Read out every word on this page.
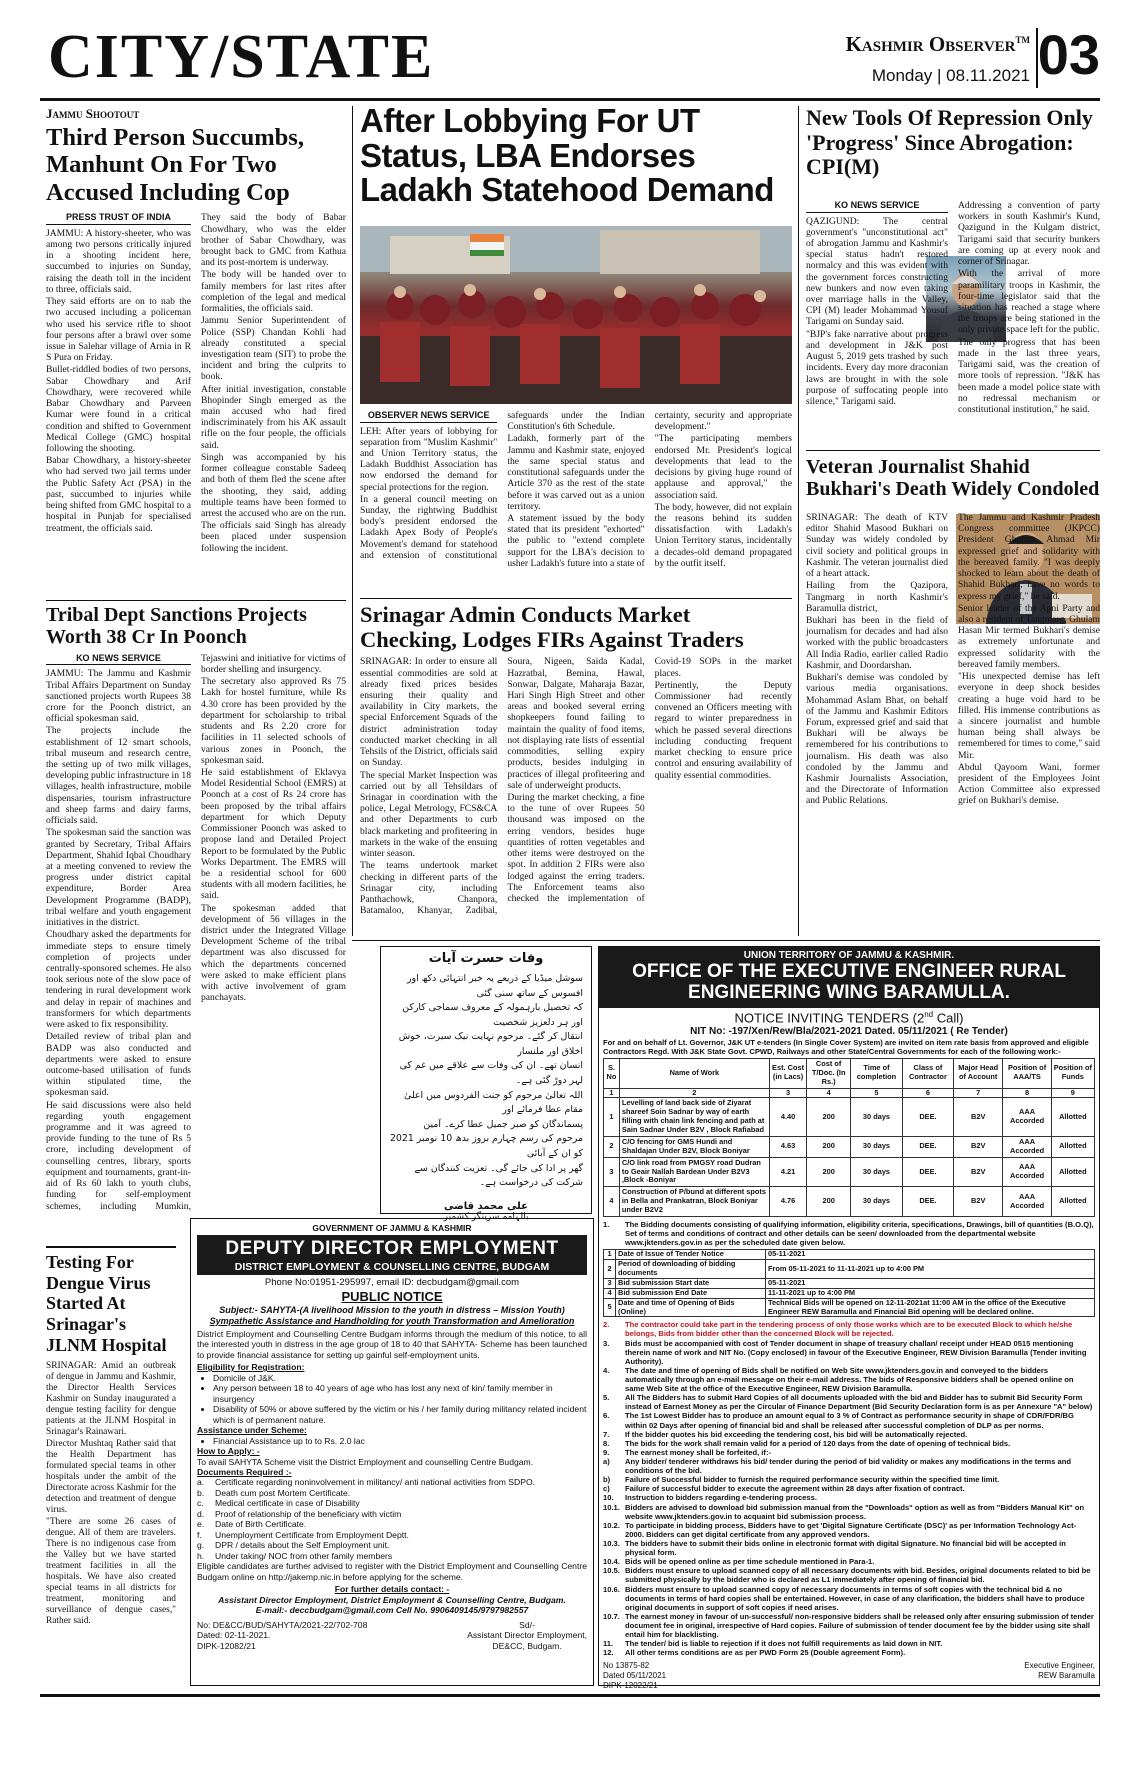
CITY/STATE	Kashmir Observer™
Monday | 08.11.2021 03
Jammu Shootout
Third Person Succumbs, Manhunt On For Two Accused Including Cop
PRESS TRUST OF INDIA

JAMMU: A history-sheeter, who was among two persons critically injured in a shooting incident here, succumbed to injuries on Sunday, raising the death toll in the incident to three, officials said.

They said efforts are on to nab the two accused including a policeman who used his service rifle to shoot four persons after a brawl over some issue in Salehar village of Arnia in R S Pura on Friday.

Bullet-riddled bodies of two persons, Sabar Chowdhary and Arif Chowdhary, were recovered while Babar Chowdhary and Parveen Kumar were found in a critical condition and shifted to Government Medical College (GMC) hospital following the shooting.

Babar Chowdhary, a history-sheeter who had served two jail terms under the Public Safety Act (PSA) in the past, succumbed to injuries while being shifted from GMC hospital to a hospital in Punjab for specialised treatment, the officials said.

They said the body of Babar Chowdhary, who was the elder brother of Sabar Chowdhary, was brought back to GMC from Kathua and its post-mortem is underway.

The body will be handed over to family members for last rites after completion of the legal and medical formalities, the officials said.

Jammu Senior Superintendent of Police (SSP) Chandan Kohli had already constituted a special investigation team (SIT) to probe the incident and bring the culprits to book.

After initial investigation, constable Bhopinder Singh emerged as the main accused who had fired indiscriminately from his AK assault rifle on the four people, the officials said.

Singh was accompanied by his former colleague constable Sadeeq and both of them fled the scene after the shooting, they said, adding multiple teams have been formed to arrest the accused who are on the run.

The officials said Singh has already been placed under suspension following the incident.

After Lobbying For UT Status, LBA Endorses Ladakh Statehood Demand
OBSERVER NEWS SERVICE

LEH: After years of lobbying for separation from "Muslim Kashmir" and Union Territory status, the Ladakh Buddhist Association has now endorsed the demand for special protections for the region.

In a general council meeting on Sunday, the rightwing Buddhist body's president endorsed the Ladakh Apex Body of People's Movement's demand for statehood and extension of constitutional safeguards under the Indian Constitution's 6th Schedule.

Ladakh, formerly part of the Jammu and Kashmir state, enjoyed the same special status and constitutional safeguards under the Article 370 as the rest of the state before it was carved out as a union territory.

A statement issued by the body stated that its president "exhorted" the public to "extend complete support for the LBA's decision to usher Ladakh's future into a state of certainty, security and appropriate development."

"The participating members endorsed Mr. President's logical developments that lead to the decisions by giving huge round of applause and approval," the association said.

The body, however, did not explain the reasons behind its sudden dissatisfaction with Ladakh's Union Territory status, incidentally a decades-old demand propagated by the outfit itself.

New Tools Of Repression Only 'Progress' Since Abrogation: CPI(M)
KO NEWS SERVICE

QAZIGUND: The central government's "unconstitutional act" of abrogation Jammu and Kashmir's special status hadn't restored normalcy and this was evident with the government forces constructing new bunkers and now even taking over marriage halls in the Valley, CPI (M) leader Mohammad Yousuf Tarigami on Sunday said.

"BJP's fake narrative about progress and development in J&K post August 5, 2019 gets trashed by such incidents. Every day more draconian laws are brought in with the sole purpose of suffocating people into silence," Tarigami said.

Addressing a convention of party workers in south Kashmir's Kund, Qazigund in the Kulgam district, Tarigami said that security bunkers are coming up at every nook and corner of Srinagar.

With the arrival of more paramilitary troops in Kashmir, the four-time legislator said that the situation has reached a stage where the troops are being stationed in the only private space left for the public.

The only progress that has been made in the last three years, Tarigami said, was the creation of more tools of repression. "J&K has been made a model police state with no redressal mechanism or constitutional institution," he said.

Veteran Journalist Shahid Bukhari's Death Widely Condoled

SRINAGAR: The death of KTV editor Shahid Masood Bukhari on Sunday was widely condoled by civil society and political groups in Kashmir. The veteran journalist died of a heart attack.

Hailing from the Qazipora, Tangmarg in north Kashmir's Baramulla district,

Bukhari has been in the field of journalism for decades and had also worked with the public broadcasters All India Radio, earlier called Radio Kashmir, and Doordarshan.

Bukhari's demise was condoled by various media organisations. Mohammad Aslam Bhat, on behalf of the Jammu and Kashmir Editors Forum, expressed grief and said that Bukhari will be always be remembered for his contributions to journalism. His death was also condoled by the Jammu and Kashmir Journalists Association, and the Directorate of Information and Public Relations.

The Jammu and Kashmir Pradesh Congress committee (JKPCC) President Ghulam Ahmad Mir expressed grief and solidarity with the bereaved family. "I was deeply shocked to learn about the death of Shahid Bukhari, have no words to express my grief," he said.

Senior leader of the Apni Party and also a resident of Tangmarg, Ghulam Hasan Mir termed Bukhari's demise as extremely unfortunate and expressed solidarity with the bereaved family members.

"His unexpected demise has left everyone in deep shock besides creating a huge void hard to be filled. His immense contributions as a sincere journalist and humble human being shall always be remembered for times to come," said Mir.

Abdul Qayoom Wani, former president of the Employees Joint Action Committee also expressed grief on Bukhari's demise.

Tribal Dept Sanctions Projects Worth 38 Cr In Poonch
KO NEWS SERVICE

JAMMU: The Jammu and Kashmir Tribal Affairs Department on Sunday sanctioned projects worth Rupees 38 crore for the Poonch district, an official spokesman said.

The projects include the establishment of 12 smart schools, tribal museum and research centre, the setting up of two milk villages, developing public infrastructure in 18 villages, health infrastructure, mobile dispensaries, tourism infrastructure and sheep farms and dairy farms, officials said.

The spokesman said the sanction was granted by Secretary, Tribal Affairs Department, Shahid Iqbal Choudhary at a meeting convened to review the progress under district capital expenditure, Border Area Development Programme (BADP), tribal welfare and youth engagement initiatives in the district.

Choudhary asked the departments for immediate steps to ensure timely completion of projects under centrally-sponsored schemes. He also took serious note of the slow pace of tendering in rural development work and delay in repair of machines and transformers for which departments were asked to fix responsibility.

Detailed review of tribal plan and BADP was also conducted and departments were asked to ensure outcome-based utilisation of funds within stipulated time, the spokesman said.

He said discussions were also held regarding youth engagement programme and it was agreed to provide funding to the tune of Rs 5 crore, including development of counselling centres, library, sports equipment and tournaments, grant-in-aid of Rs 60 lakh to youth clubs, funding for self-employment schemes, including Mumkin, Tejaswini and initiative for victims of border shelling and insurgency.

The secretary also approved Rs 75 Lakh for hostel furniture, while Rs 4.30 crore has been provided by the department for scholarship to tribal students and Rs 2.20 crore for facilities in 11 selected schools of various zones in Poonch, the spokesman said.

He said establishment of Eklavya Model Residential School (EMRS) at Poonch at a cost of Rs 24 crore has been proposed by the tribal affairs department for which Deputy Commissioner Poonch was asked to propose land and Detailed Project Report to be formulated by the Public Works Department. The EMRS will be a residential school for 600 students with all modern facilities, he said.

The spokesman added that development of 56 villages in the district under the Integrated Village Development Scheme of the tribal department was also discussed for which the departments concerned were asked to make efficient plans with active involvement of gram panchayats.

Srinagar Admin Conducts Market Checking, Lodges FIRs Against Traders

SRINAGAR: In order to ensure all essential commodities are sold at already fixed prices besides ensuring their quality and availability in City markets, the special Enforcement Squads of the district administration today conducted market checking in all Tehsils of the District, officials said on Sunday.

The special Market Inspection was carried out by all Tehsildars of Srinagar in coordination with the police, Legal Metrology, FCS&CA and other Departments to curb black marketing and profiteering in markets in the wake of the ensuing winter season.

The teams undertook market checking in different parts of the Srinagar city, including Panthachowk, Chanpora, Batamaloo, Khanyar, Zadibal, Soura, Nigeen, Saida Kadal, Hazratbal, Bemina, Hawal, Sonwar, Dalgate, Maharaja Bazar, Hari Singh High Street and other areas and booked several erring shopkeepers found failing to maintain the quality of food items, not displaying rate lists of essential commodities, selling expiry products, besides indulging in practices of illegal profiteering and sale of underweight products.

During the market checking, a fine to the tune of over Rupees 50 thousand was imposed on the erring vendors, besides huge quantities of rotten vegetables and other items were destroyed on the spot. In addition 2 FIRs were also lodged against the erring traders. The Enforcement teams also checked the implementation of Covid-19 SOPs in the market places.

Pertinently, the Deputy Commissioner had recently convened an Officers meeting with regard to winter preparedness in which he passed several directions including conducting frequent market checking to ensure price control and ensuring availability of quality essential commodities.

Testing For Dengue Virus Started At Srinagar's JLNM Hospital

SRINAGAR: Amid an outbreak of dengue in Jammu and Kashmir, the Director Health Services Kashmir on Sunday inaugurated a dengue testing facility for dengue patients at the JLNM Hospital in Srinagar's Rainawari.

Director Mushtaq Rather said that the Health Department has formulated special teams in other hospitals under the ambit of the Directorate across Kashmir for the detection and treatment of dengue virus.

"There are some 26 cases of dengue. All of them are travelers. There is no indigenous case from the Valley but we have started treatment facilities in all the hospitals. We have also created special teams in all districts for treatment, monitoring and surveillance of dengue cases," Rather said.

وفات حسرت آیات
سوشل میڈیا کے ذریعے یہ خبر انتہائی دکھ اور افسوس کے ساتھ سنی گئی
کہ تحصیل بارہمولہ کے معروف سماجی کارکن اور ہر دلعزیز شخصیت
انتقال کر گئے۔ مرحوم نہایت نیک سیرت، خوش اخلاق اور ملنسار
انسان تھے۔ ان کی وفات سے علاقے میں غم کی لہر دوڑ گئی ہے۔
اللہ تعالیٰ مرحوم کو جنت الفردوس میں اعلیٰ مقام عطا فرمائے اور
پسماندگان کو صبر جمیل عطا کرے۔ آمین
مرحوم کی رسم چہارم بروز بدھ 10 نومبر 2021 کو ان کے آبائی
گھر پر ادا کی جائے گی۔ تعزیت کنندگان سے شرکت کی درخواست ہے۔
علی محمد قاضی
بالہامہ سرینگر کشمیر
GOVERNMENT OF JAMMU & KASHMIR
DEPUTY DIRECTOR EMPLOYMENT
DISTRICT EMPLOYMENT & COUNSELLING CENTRE, BUDGAM
Phone No:01951-295997, email ID: decbudgam@gmail.com
PUBLIC NOTICE
Subject:- SAHYTA-(A livelihood Mission to the youth in distress – Mission Youth)
Sympathetic Assistance and Handholding for youth Transformation and Amelioration
District Employment and Counselling Centre Budgam informs through the medium of this notice, to all the interested youth in distress in the age group of 18 to 40 that SAHYTA- Scheme has been launched to provide financial assistance for setting up gainful self-employment units.
Eligibility for Registration:
• Domicile of J&K.
• Any person between 18 to 40 years of age who has lost any next of kin/ family member in insurgency
• Disability of 50% or above suffered by the victim or his / her family during militancy related incident which is of permanent nature.
Assistance under Scheme:
• Financial Assistance up to to Rs. 2.0 lac
How to Apply: -
To avail SAHYTA Scheme visit the District Employment and counselling Centre Budgam.
Documents Required :-
a.	Certificate regarding noninvolvement in militancy/ anti national activities from SDPO.
b.	Death cum post Mortem Certificate.
c.	Medical certificate in case of Disability
d.	Proof of relationship of the beneficiary with victim
e.	Date of Birth Certificate.
f.	Unemployment Certificate from Employment Deptt.
g.	DPR / details about the Self Employment unit.
h.	Under taking/ NOC from other family members
Eligible candidates are further advised to register with the District Employment and Counselling Centre Budgam online on http://jakemp.nic.in before applying for the scheme.
For further details contact: -
Assistant Director Employment, District Employment & Counselling Centre, Budgam.
E-mail:- deccbudgam@gmail.com Cell No. 9906409145/9797982557
No: DE&CC/BUD/SAHYTA/2021-22/702-708
Dated: 02-11-2021.
DIPK-12082/21
Sd/-
Assistant Director Employment,
DE&CC, Budgam.
UNION TERRITORY OF JAMMU & KASHMIR.
OFFICE OF THE EXECUTIVE ENGINEER RURAL
ENGINEERING WING BARAMULLA.
NOTICE INVITING TENDERS (2nd Call)
NIT No: -197/Xen/Rew/Bla/2021-2021 Dated. 05/11/2021 ( Re Tender)
For and on behalf of Lt. Governor, J&K UT e-tenders (In Single Cover System) are invited on item rate basis from approved and eligible Contractors Regd. With J&K State Govt. CPWD, Railways and other State/Central Governments for each of the following work:-
S. No	Name of Work	Est. Cost (in Lacs)	Cost of T/Doc. (In Rs.)	Time of completion	Class of Contractor	Major Head of Account	Position of AAA/TS	Position of Funds
1	2	3	4	5	6	7	8	9
1	Levelling of land back side of Ziyarat shareef Soin Sadnar by way of earth filling with chain link fencing and path at Sain Sadnar Under B2V , Block Rafiabad	4.40	200	30 days	DEE.	B2V	AAA Accorded	Allotted
2	C/O fencing for GMS Hundi and Shaldajan Under B2V, Block Boniyar	4.63	200	30 days	DEE.	B2V	AAA Accorded	Allotted
3	C/O link road from PMGSY road Dudran to Geair Nallah Bardean Under B2V3 ,Block -Boniyar	4.21	200	30 days	DEE.	B2V	AAA Accorded	Allotted
4	Construction of P/bund at different spots in Bella and Prankatran, Block Boniyar under B2V2	4.76	200	30 days	DEE.	B2V	AAA Accorded	Allotted
1.	The Bidding documents consisting of qualifying information, eligibility criteria, specifications, Drawings, bill of quantities (B.O.Q), Set of terms and conditions of contract and other details can be seen/ downloaded from the departmental website www.jktenders.gov.in as per the scheduled date given below.
1	Date of Issue of Tender Notice	05-11-2021
2	Period of downloading of bidding documents	From 05-11-2021 to 11-11-2021 up to 4:00 PM
3	Bid submission Start date	05-11-2021
4	Bid submission End Date	11-11-2021 up to 4:00 PM
5	Date and time of Opening of Bids (Online)	Technical Bids will be opened on 12-11-2021at 11:00 AM in the office of the Executive Engineer REW Baramulla and Financial Bid opening will be declared online.
2.	The contractor could take part in the tendering process of only those works which are to be executed Block to which he/she belongs, Bids from bidder other than the concerned Block will be rejected.
3.	Bids must be accompanied with cost of Tender document in shape of treasury challan/ receipt under HEAD 0515 mentioning therein name of work and NIT No. (Copy enclosed) in favour of the Executive Engineer, REW Division Baramulla (Tender inviting Authority).
4.	The date and time of opening of Bids shall be notified on Web Site www.jktenders.gov.in and conveyed to the bidders automatically through an e-mail message on their e-mail address. The bids of Responsive bidders shall be opened online on same Web Site at the office of the Executive Engineer, REW Division Baramulla.
5.	All The Bidders has to submit Hard Copies of all documents uploaded with the bid and Bidder has to submit Bid Security Form instead of Earnest Money as per the Circular of Finance Department (Bid Security Declaration form is as per Annexure "A" below)
6.	The 1st Lowest Bidder has to produce an amount equal to 3 % of Contract as performance security in shape of CDR/FDR/BG within 02 Days after opening of financial bid and shall be released after successful completion of DLP as per norms.
7.	If the bidder quotes his bid exceeding the tendering cost, his bid will be automatically rejected.
8.	The bids for the work shall remain valid for a period of 120 days from the date of opening of technical bids.
9.	The earnest money shall be forfeited, if:-
a)	Any bidder/ tenderer withdraws his bid/ tender during the period of bid validity or makes any modifications in the terms and conditions of the bid.
b)	Failure of Successful bidder to furnish the required performance security within the specified time limit.
c)	Failure of successful bidder to execute the agreement within 28 days after fixation of contract.
10.	Instruction to bidders regarding e-tendering process.
10.1. Bidders are advised to download bid submission manual from the "Downloads" option as well as from "Bidders Manual Kit" on website www.jktenders.gov.in to acquaint bid submission process.
10.2. To participate in bidding process, Bidders have to get 'Digital Signature Certificate (DSC)' as per Information Technology Act-2000. Bidders can get digital certificate from any approved vendors.
10.3. The bidders have to submit their bids online in electronic format with digital Signature. No financial bid will be accepted in physical form.
10.4. Bids will be opened online as per time schedule mentioned in Para-1.
10.5. Bidders must ensure to upload scanned copy of all necessary documents with bid. Besides, original documents related to bid be submitted physically by the bidder who is declared as L1 immediately after opening of financial bid.
10.6. Bidders must ensure to upload scanned copy of necessary documents in terms of soft copies with the technical bid & no documents in terms of hard copies shall be entertained. However, in case of any clarification, the bidders shall have to produce original documents in support of soft copies if need arises.
10.7. The earnest money in favour of un-successful/ non-responsive bidders shall be released only after ensuring submission of tender document fee in original, irrespective of Hard copies. Failure of submission of tender document fee by the bidder using site shall entail him for blacklisting.
11.	The tender/ bid is liable to rejection if it does not fulfill requirements as laid down in NIT.
12.	All other terms conditions are as per PWD Form 25 (Double agreement Form).
No 13875-82
Dated 05/11/2021
DIPK-12022/21
Executive Engineer,
REW Baramulla
